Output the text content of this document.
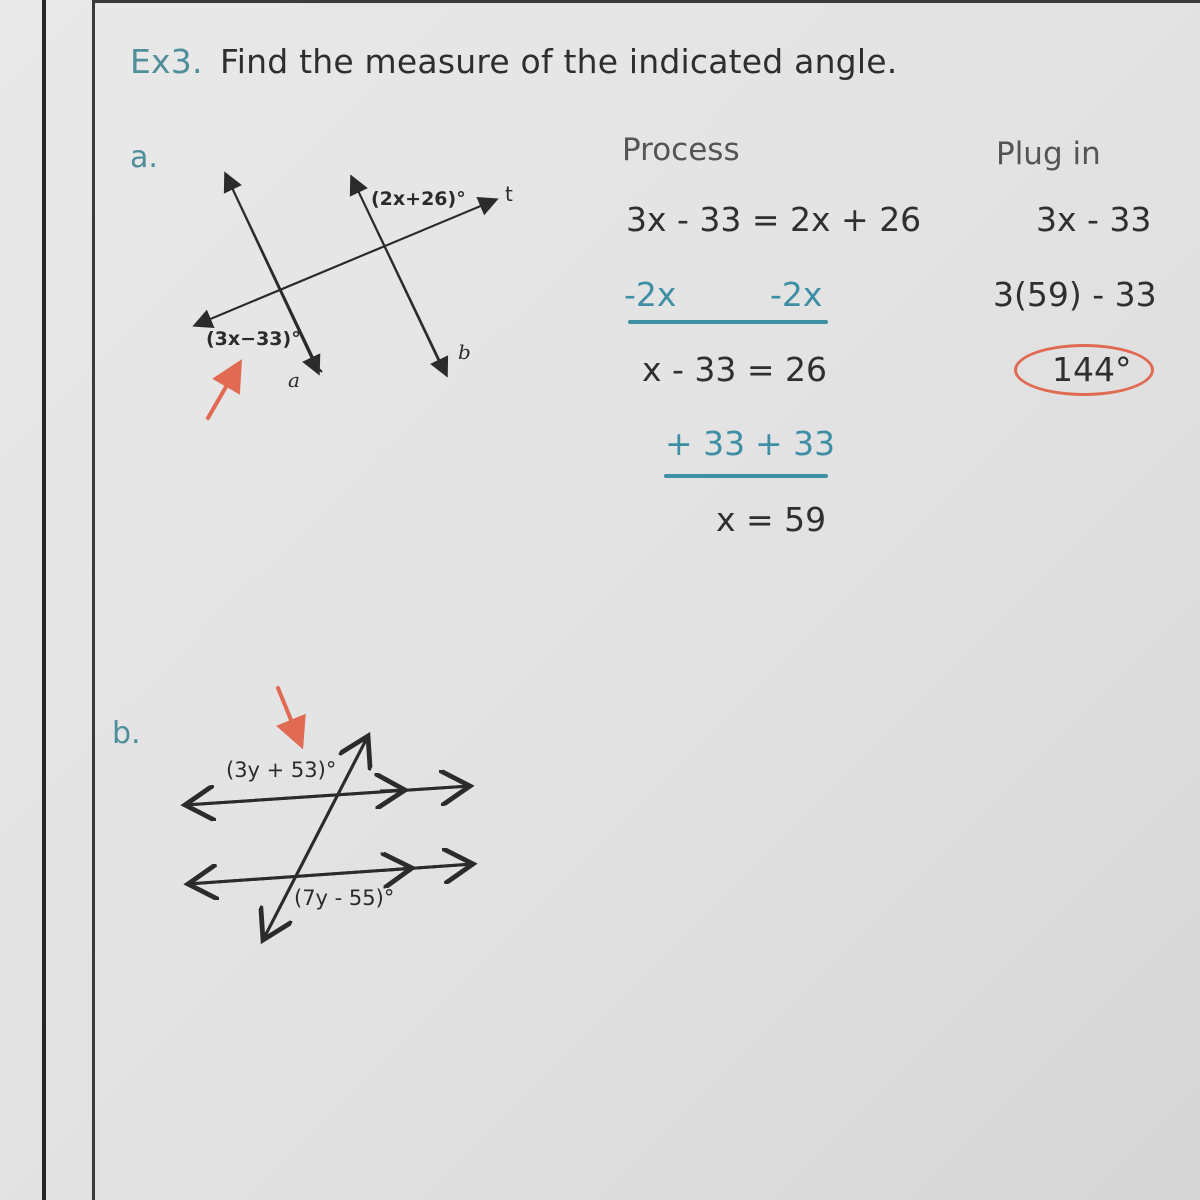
Ex3. Find the measure of the indicated angle.
a.
(2x+26)° t
(3x−33)°
a
b
Process
3x - 33 = 2x + 26
-2x	-2x
x - 33 = 26
+ 33 + 33
x = 59
Plug in
3x - 33
3(59) - 33
144°
b.
(3y + 53)°
(7y - 55)°
